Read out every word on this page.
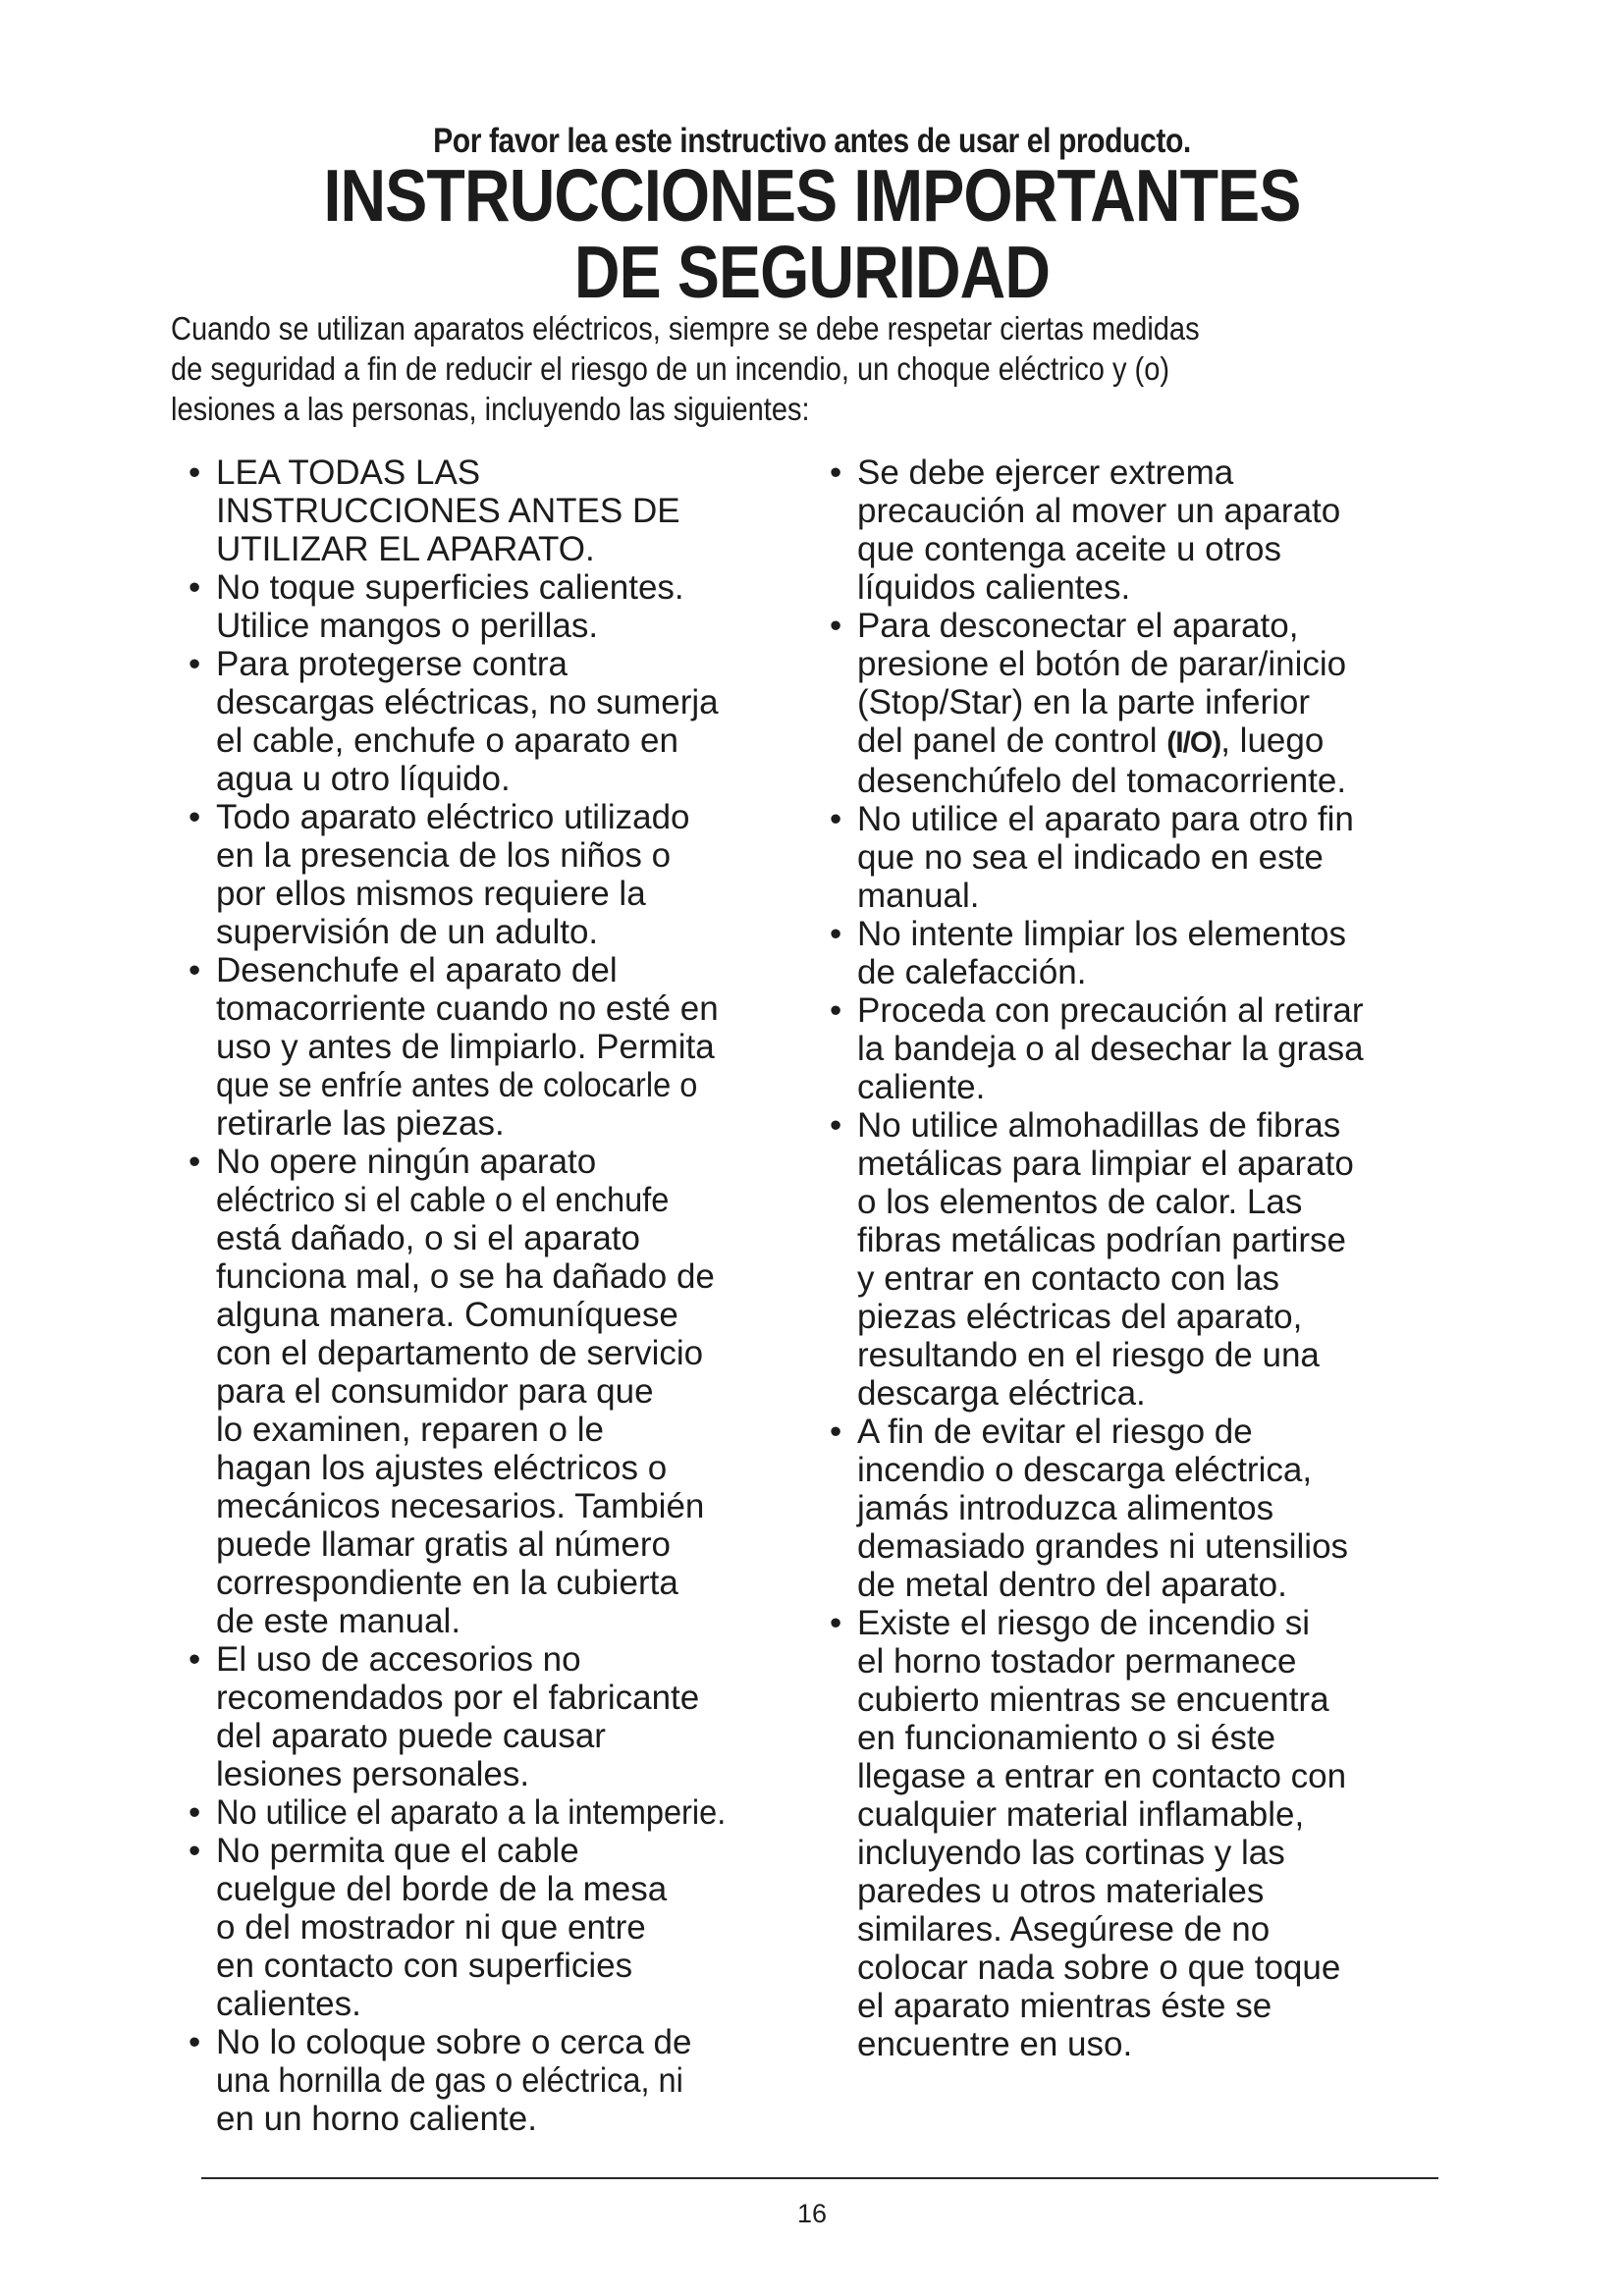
Por favor lea este instructivo antes de usar el producto.
INSTRUCCIONES IMPORTANTES
DE SEGURIDAD
Cuando se utilizan aparatos eléctricos, siempre se debe respetar ciertas medidas
de seguridad a fin de reducir el riesgo de un incendio, un choque eléctrico y (o)
lesiones a las personas, incluyendo las siguientes:
• LEA TODAS LAS
INSTRUCCIONES ANTES DE
UTILIZAR EL APARATO.
• No toque superficies calientes.
Utilice mangos o perillas.
• Para protegerse contra
descargas eléctricas, no sumerja
el cable, enchufe o aparato en
agua u otro líquido.
• Todo aparato eléctrico utilizado
en la presencia de los niños o
por ellos mismos requiere la
supervisión de un adulto.
• Desenchufe el aparato del
tomacorriente cuando no esté en
uso y antes de limpiarlo. Permita
que se enfríe antes de colocarle o
retirarle las piezas.
• No opere ningún aparato
eléctrico si el cable o el enchufe
está dañado, o si el aparato
funciona mal, o se ha dañado de
alguna manera. Comuníquese
con el departamento de servicio
para el consumidor para que
lo examinen, reparen o le
hagan los ajustes eléctricos o
mecánicos necesarios. También
puede llamar gratis al número
correspondiente en la cubierta
de este manual.
• El uso de accesorios no
recomendados por el fabricante
del aparato puede causar
lesiones personales.
• No utilice el aparato a la intemperie.
• No permita que el cable
cuelgue del borde de la mesa
o del mostrador ni que entre
en contacto con superficies
calientes.
• No lo coloque sobre o cerca de
una hornilla de gas o eléctrica, ni
en un horno caliente.
• Se debe ejercer extrema
precaución al mover un aparato
que contenga aceite u otros
líquidos calientes.
• Para desconectar el aparato,
presione el botón de parar/inicio
(Stop/Star) en la parte inferior
del panel de control (I/O), luego
desenchúfelo del tomacorriente.
• No utilice el aparato para otro fin
que no sea el indicado en este
manual.
• No intente limpiar los elementos
de calefacción.
• Proceda con precaución al retirar
la bandeja o al desechar la grasa
caliente.
• No utilice almohadillas de fibras
metálicas para limpiar el aparato
o los elementos de calor. Las
fibras metálicas podrían partirse
y entrar en contacto con las
piezas eléctricas del aparato,
resultando en el riesgo de una
descarga eléctrica.
• A fin de evitar el riesgo de
incendio o descarga eléctrica,
jamás introduzca alimentos
demasiado grandes ni utensilios
de metal dentro del aparato.
• Existe el riesgo de incendio si
el horno tostador permanece
cubierto mientras se encuentra
en funcionamiento o si éste
llegase a entrar en contacto con
cualquier material inflamable,
incluyendo las cortinas y las
paredes u otros materiales
similares. Asegúrese de no
colocar nada sobre o que toque
el aparato mientras éste se
encuentre en uso.
16
